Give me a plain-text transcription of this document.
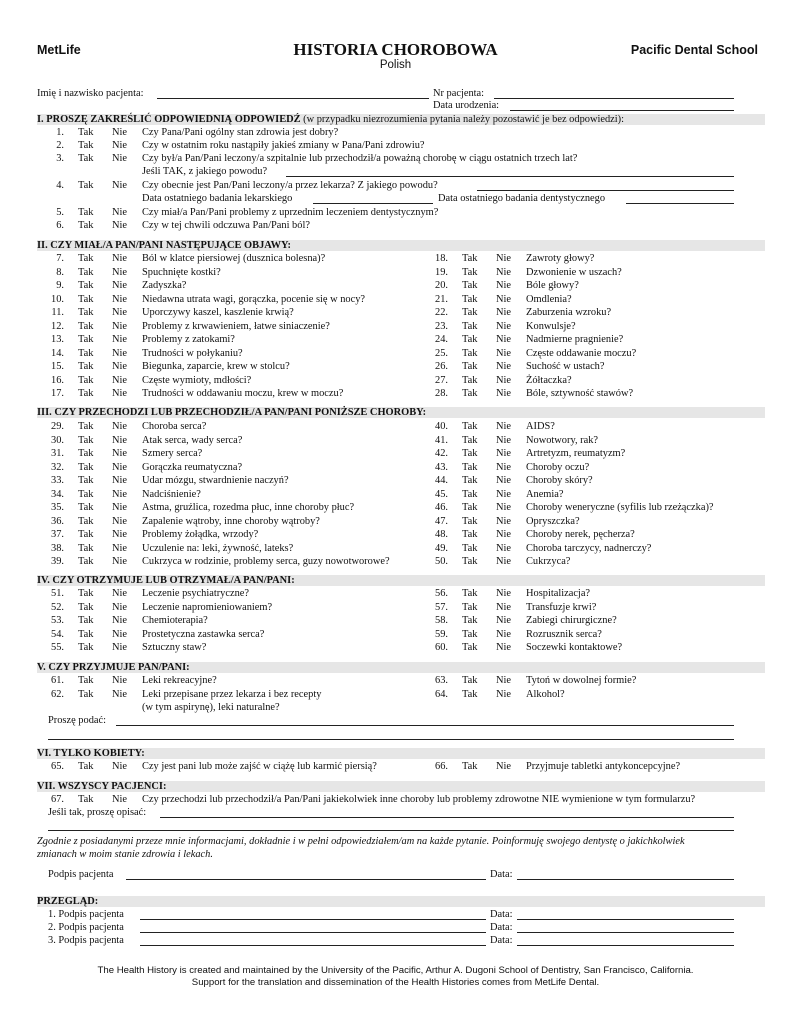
MetLife	HISTORIA CHOROBOWA
Polish
Pacific Dental School
Imię i nazwisko pacjenta:	Nr pacjenta:
Data urodzenia:
I. PROSZĘ ZAKREŚLIĆ ODPOWIEDNIĄ ODPOWIEDŹ (w przypadku niezrozumienia pytania należy pozostawić je bez odpowiedzi):
1. Tak Nie Czy Pana/Pani ogólny stan zdrowia jest dobry?
2. Tak Nie Czy w ostatnim roku nastąpiły jakieś zmiany w Pana/Pani zdrowiu?
3. Tak Nie Czy był/a Pan/Pani leczony/a szpitalnie lub przechodził/a poważną chorobę w ciągu ostatnich trzech lat?
Jeśli TAK, z jakiego powodu?
4. Tak Nie Czy obecnie jest Pan/Pani leczony/a przez lekarza? Z jakiego powodu?
Data ostatniego badania lekarskiego	Data ostatniego badania dentystycznego
5. Tak Nie Czy miał/a Pan/Pani problemy z uprzednim leczeniem dentystycznym?
6. Tak Nie Czy w tej chwili odczuwa Pan/Pani ból?
II. CZY MIAŁ/A PAN/PANI NASTĘPUJĄCE OBJAWY:
7. Tak Nie Ból w klatce piersiowej (dusznica bolesna)?
8. Tak Nie Spuchnięte kostki?
9. Tak Nie Zadyszka?
10. Tak Nie Niedawna utrata wagi, gorączka, pocenie się w nocy?
11. Tak Nie Uporczywy kaszel, kaszlenie krwią?
12. Tak Nie Problemy z krwawieniem, łatwe siniaczenie?
13. Tak Nie Problemy z zatokami?
14. Tak Nie Trudności w połykaniu?
15. Tak Nie Biegunka, zaparcie, krew w stolcu?
16. Tak Nie Częste wymioty, mdłości?
17. Tak Nie Trudności w oddawaniu moczu, krew w moczu?
18. Tak Nie Zawroty głowy?
19. Tak Nie Dzwonienie w uszach?
20. Tak Nie Bóle głowy?
21. Tak Nie Omdlenia?
22. Tak Nie Zaburzenia wzroku?
23. Tak Nie Konwulsje?
24. Tak Nie Nadmierne pragnienie?
25. Tak Nie Częste oddawanie moczu?
26. Tak Nie Suchość w ustach?
27. Tak Nie Żółtaczka?
28. Tak Nie Bóle, sztywność stawów?
III. CZY PRZECHODZI LUB PRZECHODZIŁ/A PAN/PANI PONIŻSZE CHOROBY:
29. Tak Nie Choroba serca?
30. Tak Nie Atak serca, wady serca?
31. Tak Nie Szmery serca?
32. Tak Nie Gorączka reumatyczna?
33. Tak Nie Udar mózgu, stwardnienie naczyń?
34. Tak Nie Nadciśnienie?
35. Tak Nie Astma, gruźlica, rozedma płuc, inne choroby płuc?
36. Tak Nie Zapalenie wątroby, inne choroby wątroby?
37. Tak Nie Problemy żołądka, wrzody?
38. Tak Nie Uczulenie na: leki, żywność, lateks?
39. Tak Nie Cukrzyca w rodzinie, problemy serca, guzy nowotworowe?
40. Tak Nie AIDS?
41. Tak Nie Nowotwory, rak?
42. Tak Nie Artretyzm, reumatyzm?
43. Tak Nie Choroby oczu?
44. Tak Nie Choroby skóry?
45. Tak Nie Anemia?
46. Tak Nie Choroby weneryczne (syfilis lub rzeżączka)?
47. Tak Nie Opryszczka?
48. Tak Nie Choroby nerek, pęcherza?
49. Tak Nie Choroba tarczycy, nadnerczy?
50. Tak Nie Cukrzyca?
IV. CZY OTRZYMUJE LUB OTRZYMAŁ/A PAN/PANI:
51. Tak Nie Leczenie psychiatryczne?
52. Tak Nie Leczenie napromieniowaniem?
53. Tak Nie Chemioterapia?
54. Tak Nie Prostetyczna zastawka serca?
55. Tak Nie Sztuczny staw?
56. Tak Nie Hospitalizacja?
57. Tak Nie Transfuzje krwi?
58. Tak Nie Zabiegi chirurgiczne?
59. Tak Nie Rozrusznik serca?
60. Tak Nie Soczewki kontaktowe?
V. CZY PRZYJMUJE PAN/PANI:
61. Tak Nie Leki rekreacyjne?
62. Tak Nie Leki przepisane przez lekarza i bez recepty
(w tym aspirynę), leki naturalne?
63. Tak Nie Tytoń w dowolnej formie?
64. Tak Nie Alkohol?
Proszę podać:
VI. TYLKO KOBIETY:
65. Tak Nie Czy jest pani lub może zajść w ciążę lub karmić piersią?	66. Tak Nie Przyjmuje tabletki antykoncepcyjne?
VII. WSZYSCY PACJENCI:
67. Tak Nie Czy przechodzi lub przechodził/a Pan/Pani jakiekolwiek inne choroby lub problemy zdrowotne NIE wymienione w tym formularzu?
Jeśli tak, proszę opisać:
Zgodnie z posiadanymi przeze mnie informacjami, dokładnie i w pełni odpowiedziałem/am na każde pytanie. Poinformuję swojego dentystę o jakichkolwiek
zmianach w moim stanie zdrowia i lekach.
Podpis pacjenta	Data:
PRZEGLĄD:
1. Podpis pacjenta	Data:
2. Podpis pacjenta	Data:
3. Podpis pacjenta	Data:
The Health History is created and maintained by the University of the Pacific, Arthur A. Dugoni School of Dentistry, San Francisco, California.
Support for the translation and dissemination of the Health Histories comes from MetLife Dental.
